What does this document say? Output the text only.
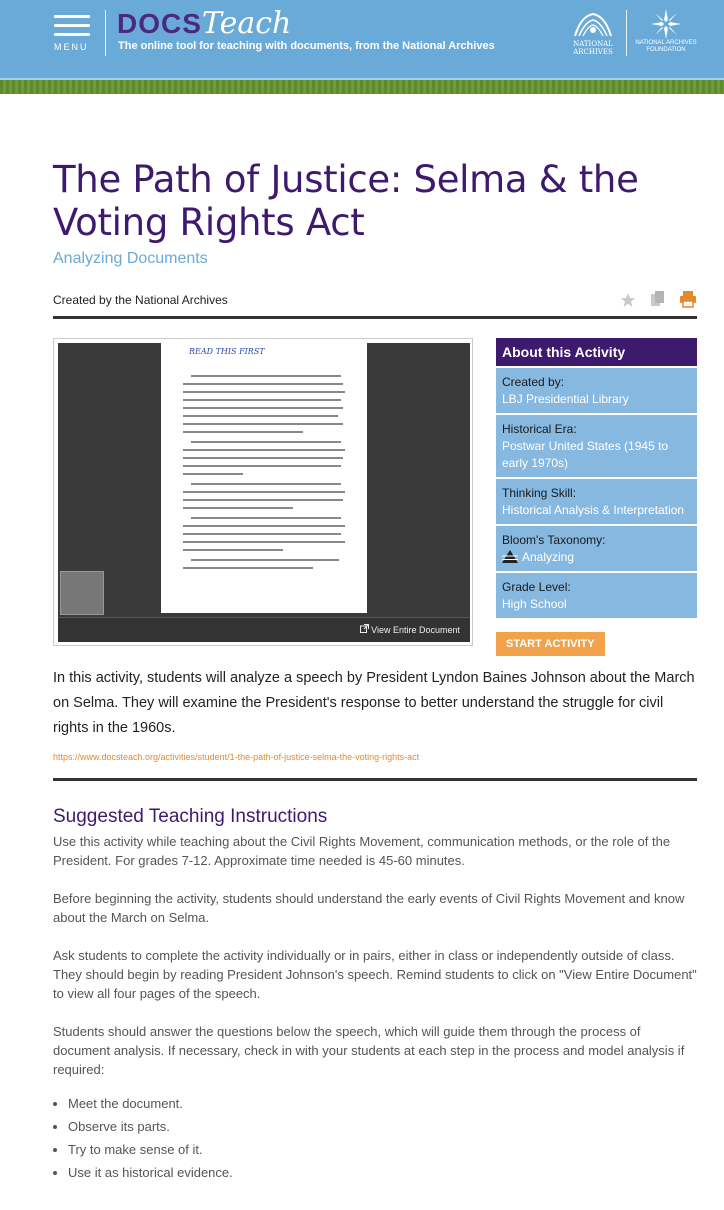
MENU
DOCSTeach
The online tool for teaching with documents, from the National Archives	NATIONAL ARCHIVES
NATIONAL ARCHIVES FOUNDATION
The Path of Justice: Selma & the Voting Rights Act
Analyzing Documents
Created by the National Archives

READ THIS FIRST
View Entire Document
About this Activity
Created by:
LBJ Presidential Library
Historical Era:
Postwar United States (1945 to early 1970s)
Thinking Skill:
Historical Analysis & Interpretation
Bloom's Taxonomy:
Analyzing
Grade Level:
High School
START ACTIVITY
In this activity, students will analyze a speech by President Lyndon Baines Johnson about the March on Selma. They will examine the President's response to better understand the struggle for civil rights in the 1960s.
https://www.docsteach.org/activities/student/1-the-path-of-justice-selma-the-voting-rights-act
Suggested Teaching Instructions

Use this activity while teaching about the Civil Rights Movement, communication methods, or the role of the President. For grades 7-12. Approximate time needed is 45-60 minutes.

Before beginning the activity, students should understand the early events of Civil Rights Movement and know about the March on Selma.

Ask students to complete the activity individually or in pairs, either in class or independently outside of class. They should begin by reading President Johnson's speech. Remind students to click on "View Entire Document" to view all four pages of the speech.

Students should answer the questions below the speech, which will guide them through the process of document analysis. If necessary, check in with your students at each step in the process and model analysis if required:

• Meet the document.
• Observe its parts.
• Try to make sense of it.
• Use it as historical evidence.
